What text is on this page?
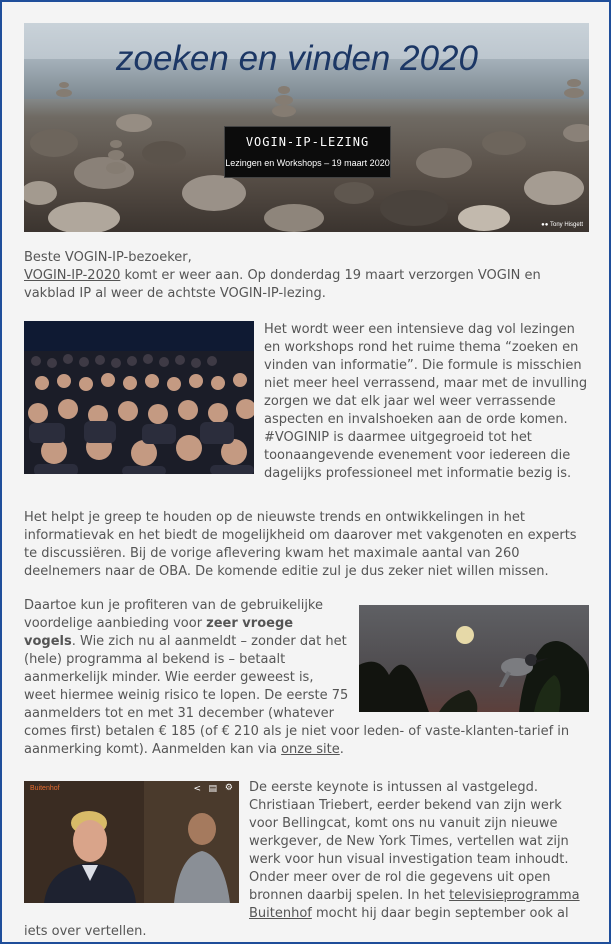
zoeken en vinden 2020
VOGIN-IP-LEZING
Lezingen en Workshops – 19 maart 2020
●● Tony Hisgett

Beste VOGIN-IP-bezoeker,
VOGIN-IP-2020 komt er weer aan. Op donderdag 19 maart verzorgen VOGIN en vakblad IP al weer de achtste VOGIN-IP-lezing.

Het wordt weer een intensieve dag vol lezingen en workshops rond het ruime thema “zoeken en vinden van informatie”. Die formule is misschien niet meer heel verrassend, maar met de invulling zorgen we dat elk jaar wel weer verrassende aspecten en invalshoeken aan de orde komen. #VOGINIP is daarmee uitgegroeid tot het toonaangevende evenement voor iedereen die dagelijks professioneel met informatie bezig is.

Het helpt je greep te houden op de nieuwste trends en ontwikkelingen in het informatievak en het biedt de mogelijkheid om daarover met vakgenoten en experts te discussiëren. Bij de vorige aflevering kwam het maximale aantal van 260 deelnemers naar de OBA. De komende editie zul je dus zeker niet willen missen.

Daartoe kun je profiteren van de gebruikelijke voordelige aanbieding voor zeer vroege vogels. Wie zich nu al aanmeldt – zonder dat het (hele) programma al bekend is – betaalt aanmerkelijk minder. Wie eerder geweest is, weet hiermee weinig risico te lopen. De eerste 75 aanmelders tot en met 31 december (whatever comes first) betalen € 185 (of € 210 als je niet voor leden- of vaste-klanten-tarief in aanmerking komt). Aanmelden kan via onze site.

Buitenhof	< ▤ ⚙	De eerste keynote is intussen al vastgelegd. Christiaan Triebert, eerder bekend van zijn werk voor Bellingcat, komt ons nu vanuit zijn nieuwe werkgever, de New York Times, vertellen wat zijn werk voor hun visual investigation team inhoudt. Onder meer over de rol die gegevens uit open bronnen daarbij spelen. In het televisieprogramma Buitenhof mocht hij daar begin september ook al iets over vertellen.
